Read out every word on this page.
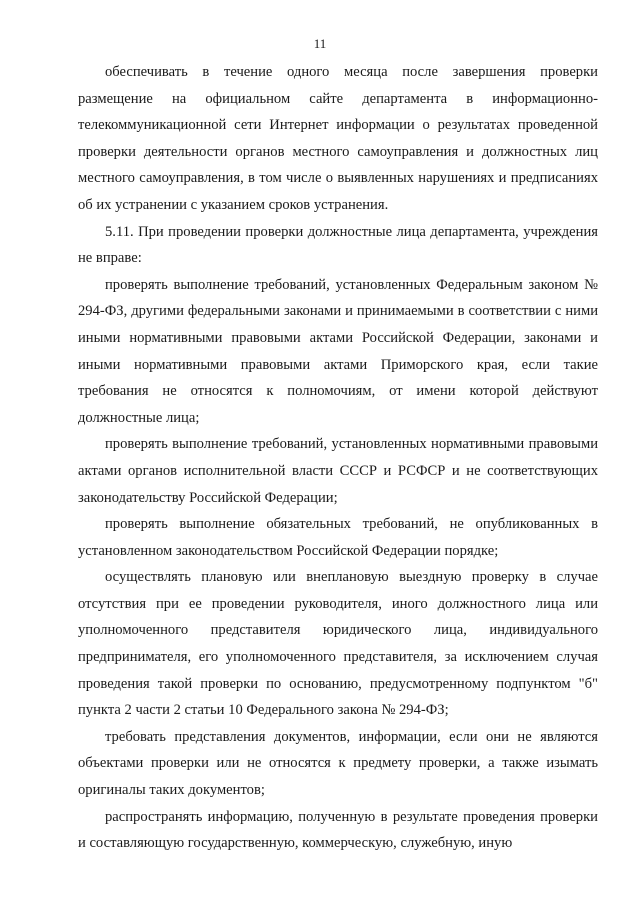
11

обеспечивать в течение одного месяца после завершения проверки размещение на официальном сайте департамента в информационно-телекоммуникационной сети Интернет информации о результатах проведенной проверки деятельности органов местного самоуправления и должностных лиц местного самоуправления, в том числе о выявленных нарушениях и предписаниях об их устранении с указанием сроков устранения.

5.11. При проведении проверки должностные лица департамента, учреждения не вправе:

проверять выполнение требований, установленных Федеральным законом № 294-ФЗ, другими федеральными законами и принимаемыми в соответствии с ними иными нормативными правовыми актами Российской Федерации, законами и иными нормативными правовыми актами Приморского края, если такие требования не относятся к полномочиям, от имени которой действуют должностные лица;

проверять выполнение требований, установленных нормативными правовыми актами органов исполнительной власти СССР и РСФСР и не соответствующих законодательству Российской Федерации;

проверять выполнение обязательных требований, не опубликованных в установленном законодательством Российской Федерации порядке;

осуществлять плановую или внеплановую выездную проверку в случае отсутствия при ее проведении руководителя, иного должностного лица или уполномоченного представителя юридического лица, индивидуального предпринимателя, его уполномоченного представителя, за исключением случая проведения такой проверки по основанию, предусмотренному подпунктом "б" пункта 2 части 2 статьи 10 Федерального закона № 294-ФЗ;

требовать представления документов, информации, если они не являются объектами проверки или не относятся к предмету проверки, а также изымать оригиналы таких документов;

распространять информацию, полученную в результате проведения проверки и составляющую государственную, коммерческую, служебную, иную
